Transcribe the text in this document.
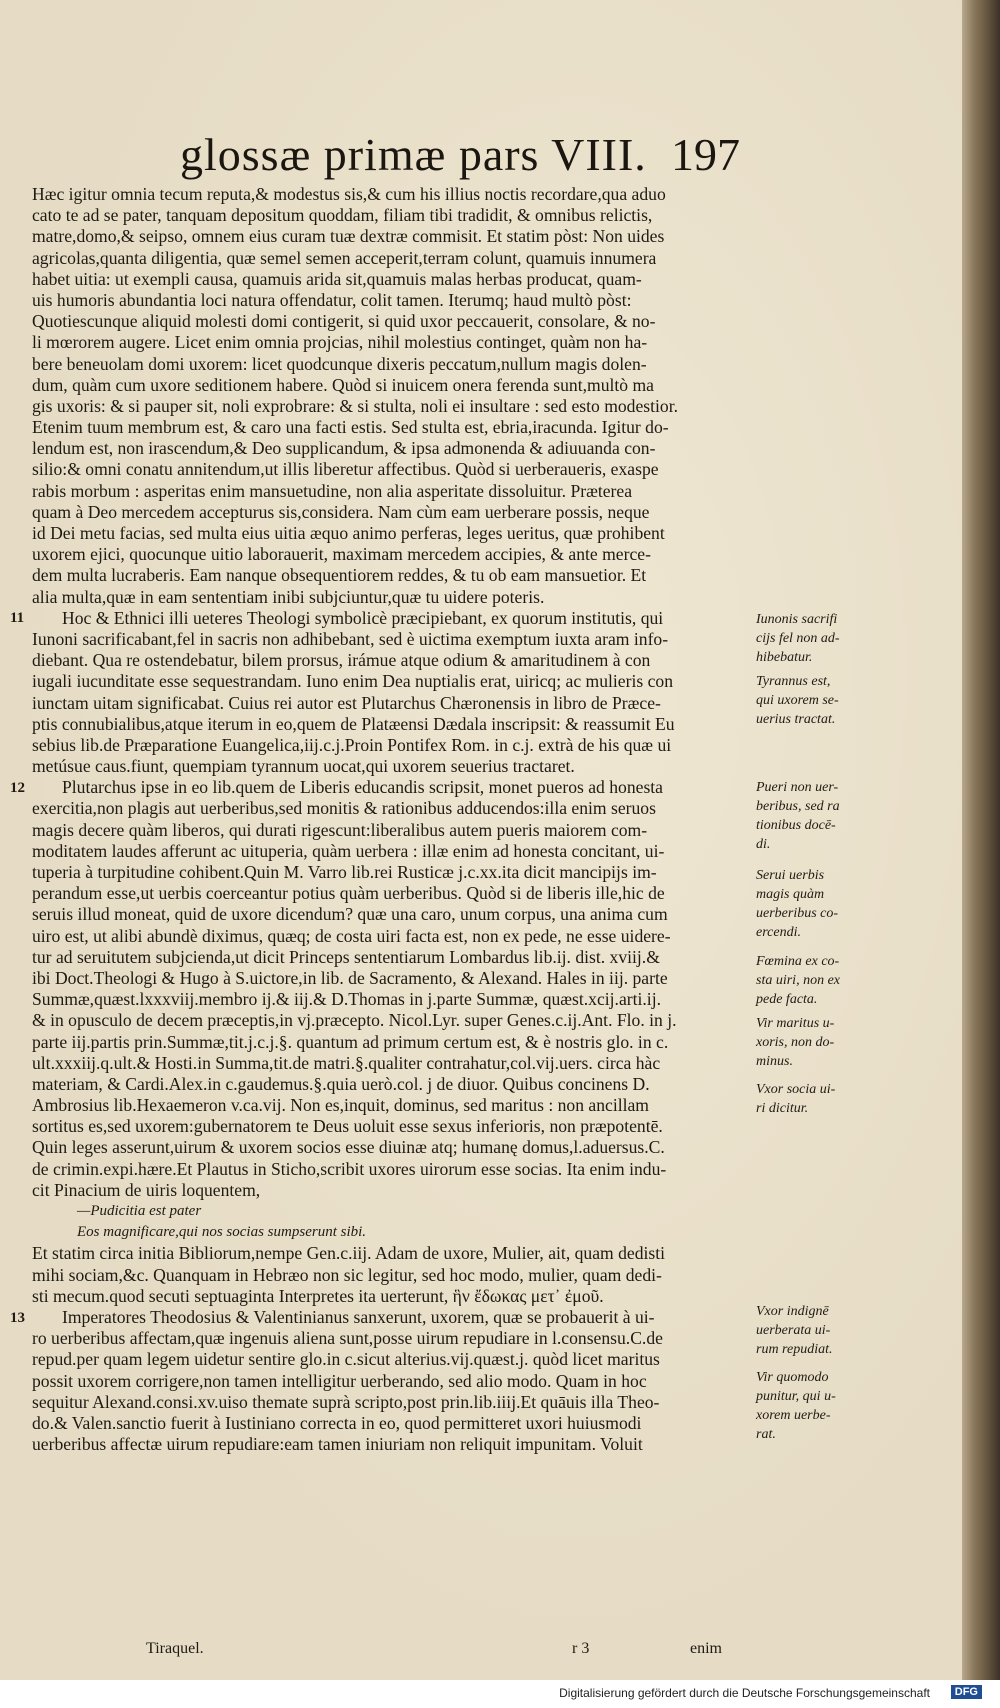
glossæ primæ pars VIII. 197
Hæc igitur omnia tecum reputa,& modestus sis,& cum his illius noctis recordare,qua aduo
cato te ad se pater, tanquam depositum quoddam, filiam tibi tradidit, & omnibus relictis,
matre,domo,& seipso, omnem eius curam tuæ dextræ commisit. Et statim pòst: Non uides
agricolas,quanta diligentia, quæ semel semen acceperit,terram colunt, quamuis innumera
habet uitia: ut exempli causa, quamuis arida sit,quamuis malas herbas producat, quam-
uis humoris abundantia loci natura offendatur, colit tamen. Iterumq; haud multò pòst:
Quotiescunque aliquid molesti domi contigerit, si quid uxor peccauerit, consolare, & no-
li mœrorem augere. Licet enim omnia projcias, nihil molestius continget, quàm non ha-
bere beneuolam domi uxorem: licet quodcunque dixeris peccatum,nullum magis dolen-
dum, quàm cum uxore seditionem habere. Quòd si inuicem onera ferenda sunt,multò ma
gis uxoris: & si pauper sit, noli exprobrare: & si stulta, noli ei insultare : sed esto modestior.
Etenim tuum membrum est, & caro una facti estis. Sed stulta est, ebria,iracunda. Igitur do-
lendum est, non irascendum,& Deo supplicandum, & ipsa admonenda & adiuuanda con-
silio:& omni conatu annitendum,ut illis liberetur affectibus. Quòd si uerberaueris, exaspe
rabis morbum : asperitas enim mansuetudine, non alia asperitate dissoluitur. Præterea
quam à Deo mercedem accepturus sis,considera. Nam cùm eam uerberare possis, neque
id Dei metu facias, sed multa eius uitia æquo animo perferas, leges ueritus, quæ prohibent
uxorem ejici, quocunque uitio laborauerit, maximam mercedem accipies, & ante merce-
dem multa lucraberis. Eam nanque obsequentiorem reddes, & tu ob eam mansuetior. Et
alia multa,quæ in eam sententiam inibi subjciuntur,quæ tu uidere poteris.
Hoc & Ethnici illi ueteres Theologi symbolicè præcipiebant, ex quorum institutis, qui
11
Iunoni sacrificabant,fel in sacris non adhibebant, sed è uictima exemptum iuxta aram info-
diebant. Qua re ostendebatur, bilem prorsus, irámue atque odium & amaritudinem à con
iugali iucunditate esse sequestrandam. Iuno enim Dea nuptialis erat, uiricq; ac mulieris con
iunctam uitam significabat. Cuius rei autor est Plutarchus Chæronensis in libro de Præce-
ptis connubialibus,atque iterum in eo,quem de Platæensi Dædala inscripsit: & reassumit Eu
sebius lib.de Præparatione Euangelica,iij.c.j.Proin Pontifex Rom. in c.j. extrà de his quæ ui
metúsue caus.fiunt, quempiam tyrannum uocat,qui uxorem seuerius tractaret.
Plutarchus ipse in eo lib.quem de Liberis educandis scripsit, monet pueros ad honesta
12
exercitia,non plagis aut uerberibus,sed monitis & rationibus adducendos:illa enim seruos
magis decere quàm liberos, qui durati rigescunt:liberalibus autem pueris maiorem com-
moditatem laudes afferunt ac uituperia, quàm uerbera : illæ enim ad honesta concitant, ui-
tuperia à turpitudine cohibent.Quin M. Varro lib.rei Rusticæ j.c.xx.ita dicit mancipijs im-
perandum esse,ut uerbis coerceantur potius quàm uerberibus. Quòd si de liberis ille,hic de
seruis illud moneat, quid de uxore dicendum? quæ una caro, unum corpus, una anima cum
uiro est, ut alibi abundè diximus, quæq; de costa uiri facta est, non ex pede, ne esse uidere-
tur ad seruitutem subjcienda,ut dicit Princeps sententiarum Lombardus lib.ij. dist. xviij.&
ibi Doct.Theologi & Hugo à S.uictore,in lib. de Sacramento, & Alexand. Hales in iij. parte
Summæ,quæst.lxxxviij.membro ij.& iij.& D.Thomas in j.parte Summæ, quæst.xcij.arti.ij.
& in opusculo de decem præceptis,in vj.præcepto. Nicol.Lyr. super Genes.c.ij.Ant. Flo. in j.
parte iij.partis prin.Summæ,tit.j.c.j.§. quantum ad primum certum est, & è nostris glo. in c.
ult.xxxiij.q.ult.& Hosti.in Summa,tit.de matri.§.qualiter contrahatur,col.vij.uers. circa hàc
materiam, & Cardi.Alex.in c.gaudemus.§.quia uerò.col. j de diuor. Quibus concinens D.
Ambrosius lib.Hexaemeron v.ca.vij. Non es,inquit, dominus, sed maritus : non ancillam
sortitus es,sed uxorem:gubernatorem te Deus uoluit esse sexus inferioris, non præpotentē.
Quin leges asserunt,uirum & uxorem socios esse diuinæ atq; humanę domus,l.aduersus.C.
de crimin.expi.hære.Et Plautus in Sticho,scribit uxores uirorum esse socias. Ita enim indu-
cit Pinacium de uiris loquentem,
—Pudicitia est pater
Eos magnificare,qui nos socias sumpserunt sibi.
Et statim circa initia Bibliorum,nempe Gen.c.iij. Adam de uxore, Mulier, ait, quam dedisti
mihi sociam,&c. Quanquam in Hebræo non sic legitur, sed hoc modo, mulier, quam dedi-
sti mecum.quod secuti septuaginta Interpretes ita uerterunt, ἣν ἔδωκας μετ᾽ ἐμοῦ.
Imperatores Theodosius & Valentinianus sanxerunt, uxorem, quæ se probauerit à ui-
13
ro uerberibus affectam,quæ ingenuis aliena sunt,posse uirum repudiare in l.consensu.C.de
repud.per quam legem uidetur sentire glo.in c.sicut alterius.vij.quæst.j. quòd licet maritus
possit uxorem corrigere,non tamen intelligitur uerberando, sed alio modo. Quam in hoc
sequitur Alexand.consi.xv.uiso themate suprà scripto,post prin.lib.iiij.Et quāuis illa Theo-
do.& Valen.sanctio fuerit à Iustiniano correcta in eo, quod permitteret uxori huiusmodi
uerberibus affectæ uirum repudiare:eam tamen iniuriam non reliquit impunitam. Voluit
Iunonis sacrifi
cijs fel non ad-
hibebatur.
Tyrannus est,
qui uxorem se-
uerius tractat.
Pueri non uer-
beribus, sed ra
tionibus docē-
di.
Serui uerbis
magis quàm
uerberibus co-
ercendi.
Fœmina ex co-
sta uiri, non ex
pede facta.
Vir maritus u-
xoris, non do-
minus.
Vxor socia ui-
ri dicitur.
Vxor indignē
uerberata ui-
rum repudiat.
Vir quomodo
punitur, qui u-
xorem uerbe-
rat.
Tiraquel.	r 3	enim
Digitalisierung gefördert durch die Deutsche Forschungsgemeinschaft	DFG
